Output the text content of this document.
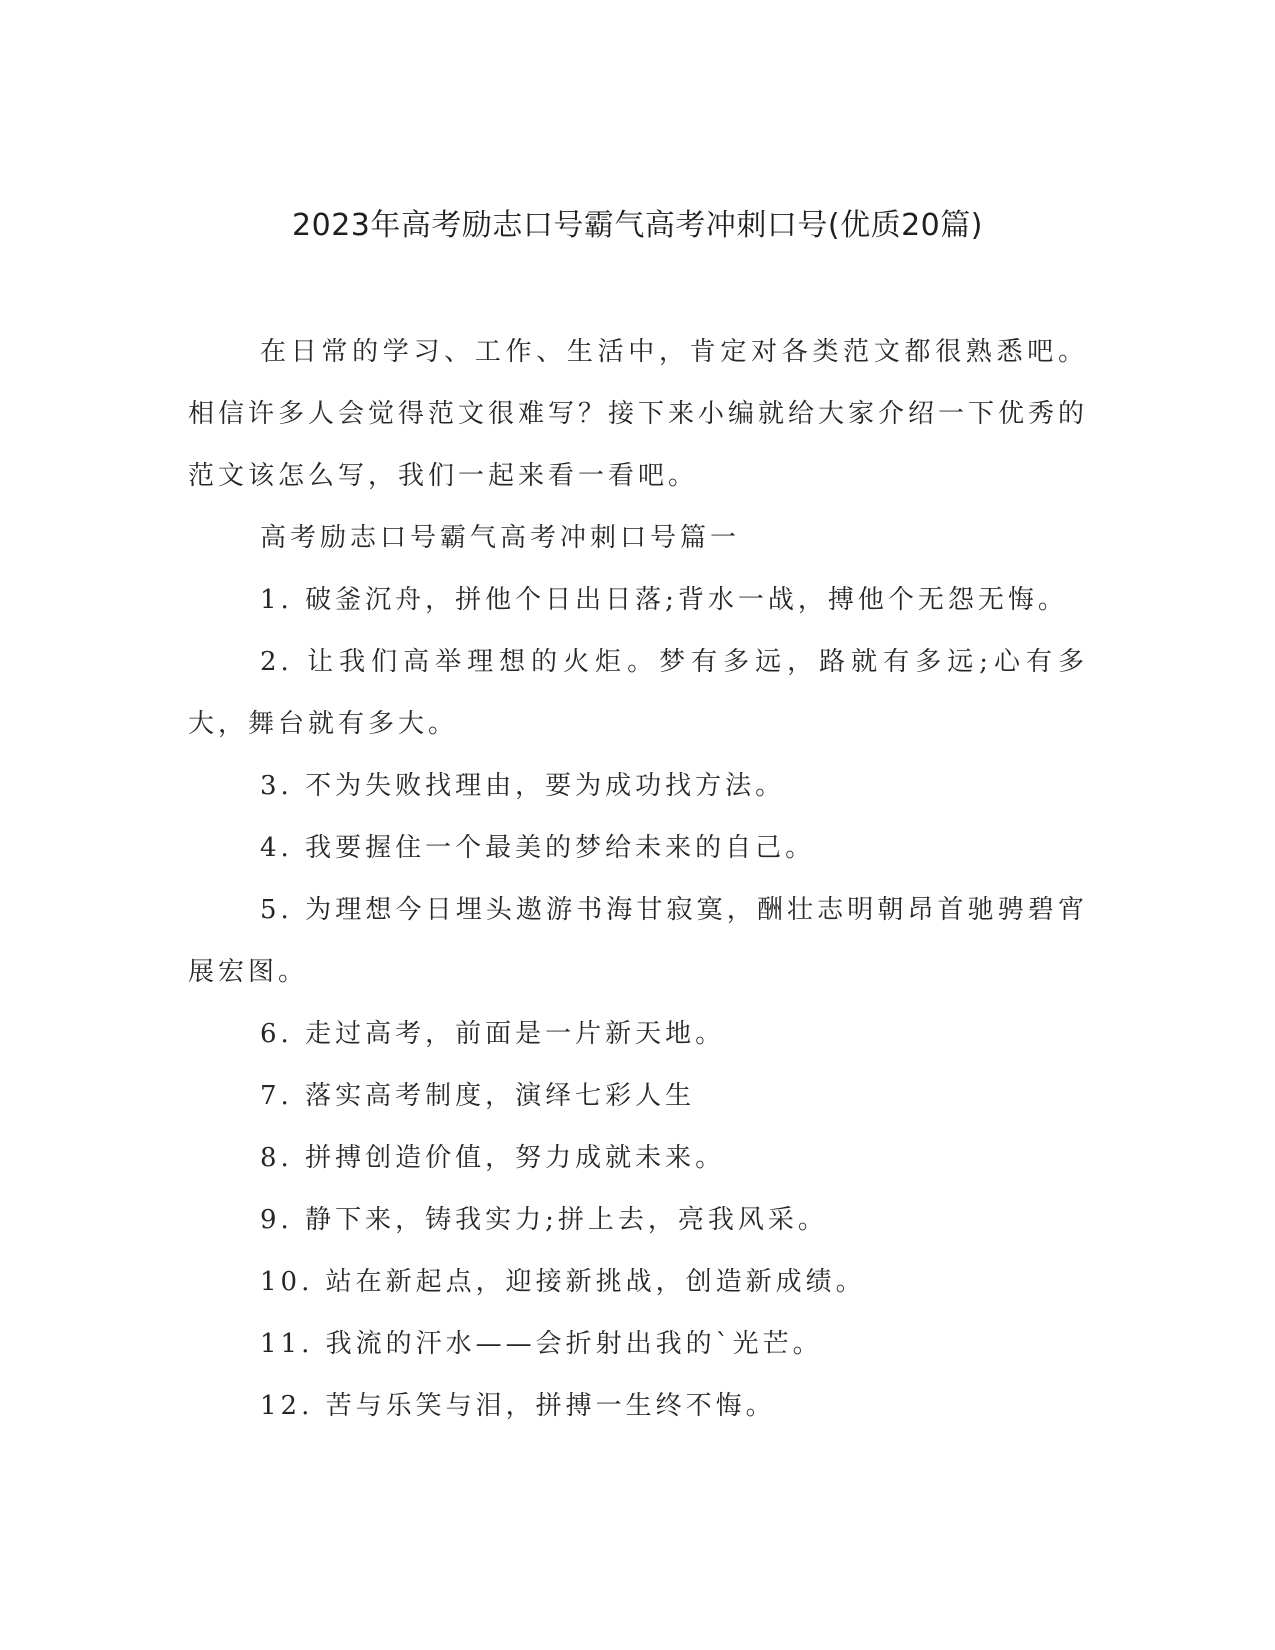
2023年高考励志口号霸气高考冲刺口号(优质20篇)

在日常的学习、工作、生活中，肯定对各类范文都很熟悉吧。相信许多人会觉得范文很难写？接下来小编就给大家介绍一下优秀的范文该怎么写，我们一起来看一看吧。

高考励志口号霸气高考冲刺口号篇一

1. 破釜沉舟，拼他个日出日落;背水一战，搏他个无怨无悔。

2. 让我们高举理想的火炬。梦有多远，路就有多远;心有多大，舞台就有多大。

3. 不为失败找理由，要为成功找方法。

4. 我要握住一个最美的梦给未来的自己。

5. 为理想今日埋头遨游书海甘寂寞，酬壮志明朝昂首驰骋碧宵展宏图。

6. 走过高考，前面是一片新天地。

7. 落实高考制度，演绎七彩人生

8. 拼搏创造价值，努力成就未来。

9. 静下来，铸我实力;拼上去，亮我风采。

10. 站在新起点，迎接新挑战，创造新成绩。

11. 我流的汗水——会折射出我的`光芒。

12. 苦与乐笑与泪，拼搏一生终不悔。
